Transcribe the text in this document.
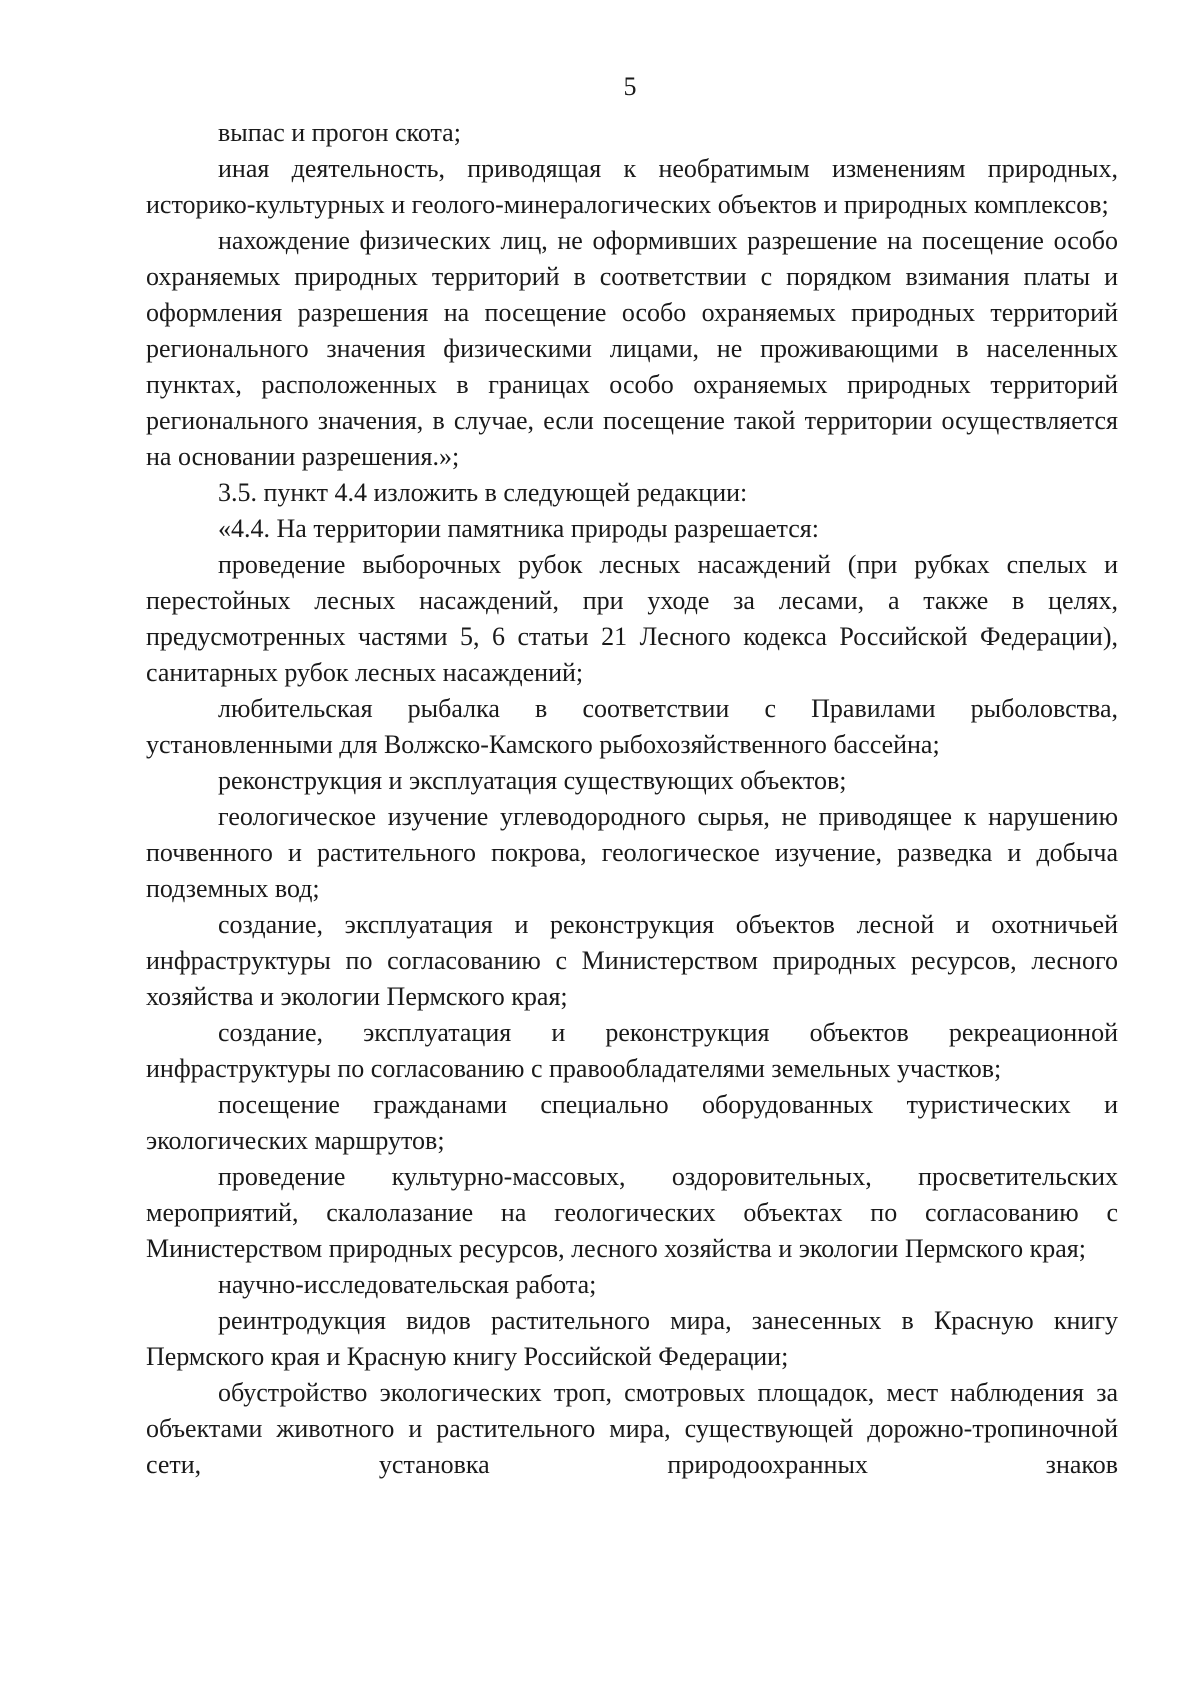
5

выпас и прогон скота;

иная деятельность, приводящая к необратимым изменениям природных, историко-культурных и геолого-минералогических объектов и природных комплексов;

нахождение физических лиц, не оформивших разрешение на посещение особо охраняемых природных территорий в соответствии с порядком взимания платы и оформления разрешения на посещение особо охраняемых природных территорий регионального значения физическими лицами, не проживающими в населенных пунктах, расположенных в границах особо охраняемых природных территорий регионального значения, в случае, если посещение такой территории осуществляется на основании разрешения.»;

3.5. пункт 4.4 изложить в следующей редакции:

«4.4. На территории памятника природы разрешается:

проведение выборочных рубок лесных насаждений (при рубках спелых и перестойных лесных насаждений, при уходе за лесами, а также в целях, предусмотренных частями 5, 6 статьи 21 Лесного кодекса Российской Федерации), санитарных рубок лесных насаждений;

любительская рыбалка в соответствии с Правилами рыболовства, установленными для Волжско-Камского рыбохозяйственного бассейна;

реконструкция и эксплуатация существующих объектов;

геологическое изучение углеводородного сырья, не приводящее к нарушению почвенного и растительного покрова, геологическое изучение, разведка и добыча подземных вод;

создание, эксплуатация и реконструкция объектов лесной и охотничьей инфраструктуры по согласованию с Министерством природных ресурсов, лесного хозяйства и экологии Пермского края;

создание, эксплуатация и реконструкция объектов рекреационной инфраструктуры по согласованию с правообладателями земельных участков;

посещение гражданами специально оборудованных туристических и экологических маршрутов;

проведение культурно-массовых, оздоровительных, просветительских мероприятий, скалолазание на геологических объектах по согласованию с Министерством природных ресурсов, лесного хозяйства и экологии Пермского края;

научно-исследовательская работа;

реинтродукция видов растительного мира, занесенных в Красную книгу Пермского края и Красную книгу Российской Федерации;

обустройство экологических троп, смотровых площадок, мест наблюдения за объектами животного и растительного мира, существующей дорожно-тропиночной сети, установка природоохранных знаков
